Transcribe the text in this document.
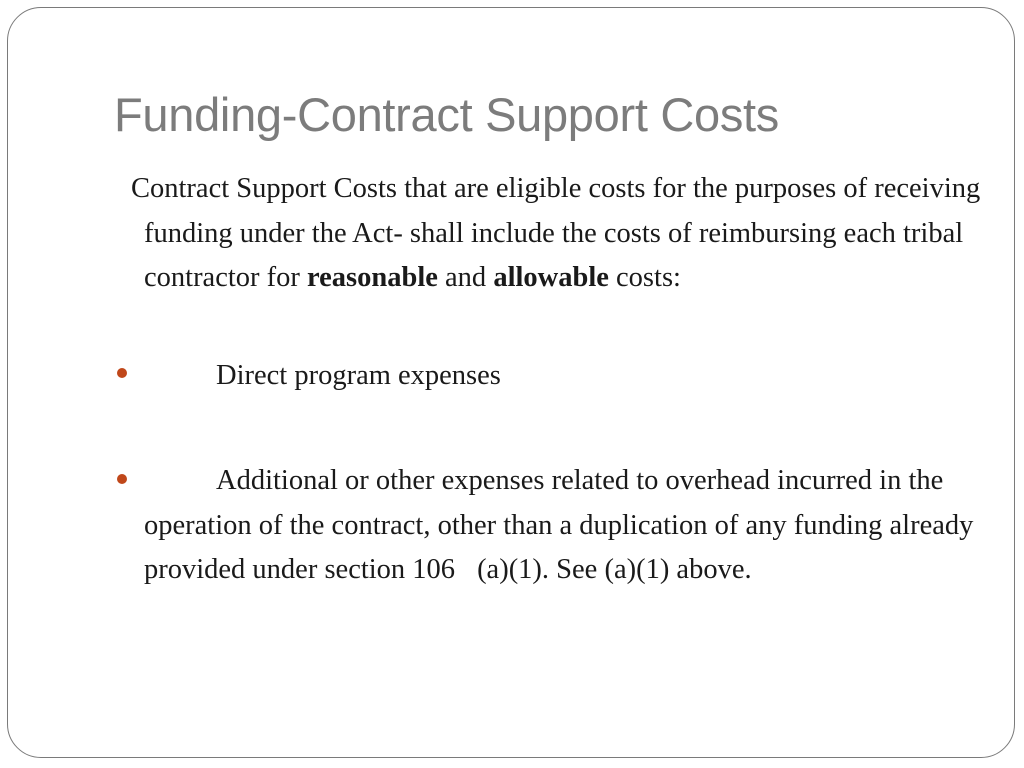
Funding-Contract Support Costs

Contract Support Costs that are eligible costs for the purposes of receiving funding under the Act- shall include the costs of reimbursing each tribal contractor for reasonable and allowable costs:

Direct program expenses

Additional or other expenses related to overhead incurred in the operation of the contract, other than a duplication of any funding already provided under section 106 (a)(1). See (a)(1) above.
